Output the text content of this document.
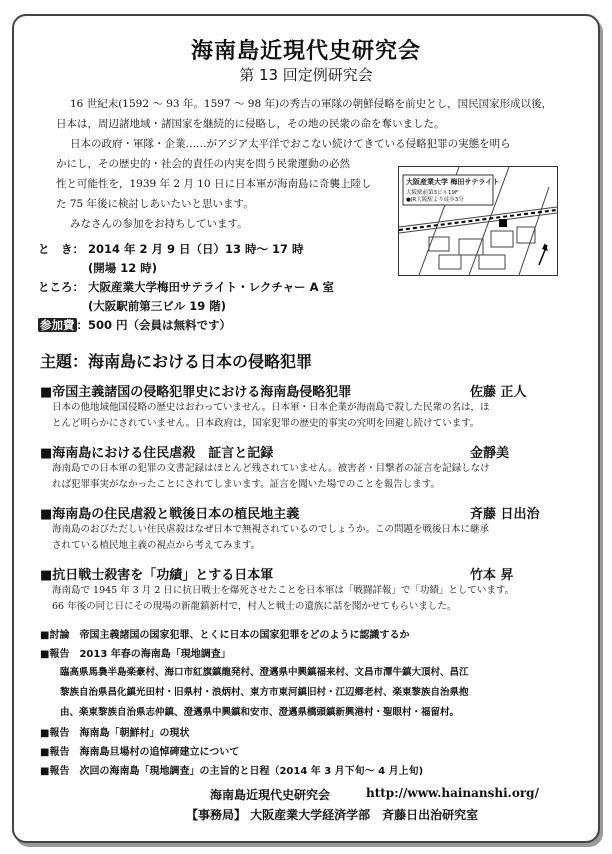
海南島近現代史研究会
第 13 回定例研究会
16 世紀末(1592 ～ 93 年。1597 ～ 98 年)の秀吉の軍隊の朝鮮侵略を前史とし，国民国家形成以後，
日本は，周辺諸地域・諸国家を継続的に侵略し，その地の民衆の命を奪いました。
日本の政府・軍隊・企業……がアジア太平洋でおこない続けてきている侵略犯罪の実態を明ら
かにし，その歴史的・社会的責任の内実を問う民衆運動の必然
性と可能性を，1939 年 2 月 10 日に日本軍が海南島に奇襲上陸し
た 75 年後に検討しあいたいと思います。
みなさんの参加をお持ちしています。
大阪産業大学 梅田サテライト
大阪駅前第3ビル19F
●JR大阪駅より徒歩3分
と　き： 2014 年 2 月 9 日（日）13 時～ 17 時
(開場 12 時)
ところ： 大阪産業大学梅田サテライト・レクチャー A 室
(大阪駅前第三ビル 19 階)
参加費 ：500 円（会員は無料です）
主題：海南島における日本の侵略犯罪
■帝国主義諸国の侵略犯罪史における海南島侵略犯罪	佐藤 正人
日本の他地域他国侵略の歴史はおわっていません。日本軍・日本企業が海南島で殺した民衆の名は，ほ
とんど明らかにされていません。日本政府は，国家犯罪の歴史的事実の究明を回避し続けています。
■海南島における住民虐殺　証言と記録	金靜美
海南島での日本軍の犯罪の文書記録はほとんど残されていません。被害者・目撃者の証言を記録しなけ
れば犯罪事実がなかったことにされてしまいます。証言を聞いた場でのことを報告します。
■海南島の住民虐殺と戦後日本の植民地主義	斉藤 日出治
海南島のおびただしい住民虐殺はなぜ日本で無視されているのでしょうか。この問題を戦後日本に継承
されている植民地主義の視点から考えてみます。
■抗日戦士殺害を「功績」とする日本軍	竹本 昇
海南島で 1945 年 3 月 2 日に抗日戦士を爆死させたことを日本軍は「戦闘詳報」で「功績」としています。
66 年後の同じ日にその現場の新龍鎮新村で，村人と戦士の遺族に話を聞かせてもらいました。
■討論　帝国主義諸国の国家犯罪、とくに日本の国家犯罪をどのように認識するか
■報告　2013 年春の海南島「現地調査」
臨高県馬裊半島楽豪村、海口市紅旗鎮龍発村、澄邁県中興鎮福来村、文昌市潭牛鎮大頂村、昌江
黎族自治県昌化鎮光田村・旧県村・浪炳村、東方市東河鎮旧村・江辺郷老村、楽東黎族自治県抱
由、楽東黎族自治県志仲鎮、澄邁県中興鎮和安市、澄邁県橋頭鎮新興港村・聖眼村・福留村。
■報告　海南島「朝鮮村」の現状
■報告　海南島旦場村の追悼碑建立について
■報告　次回の海南島「現地調査」の主旨的と日程（2014 年 3 月下旬～ 4 月上旬)
海南島近現代史研究会	http://www.hainanshi.org/
【事務局】 大阪産業大学経済学部　斉藤日出治研究室
